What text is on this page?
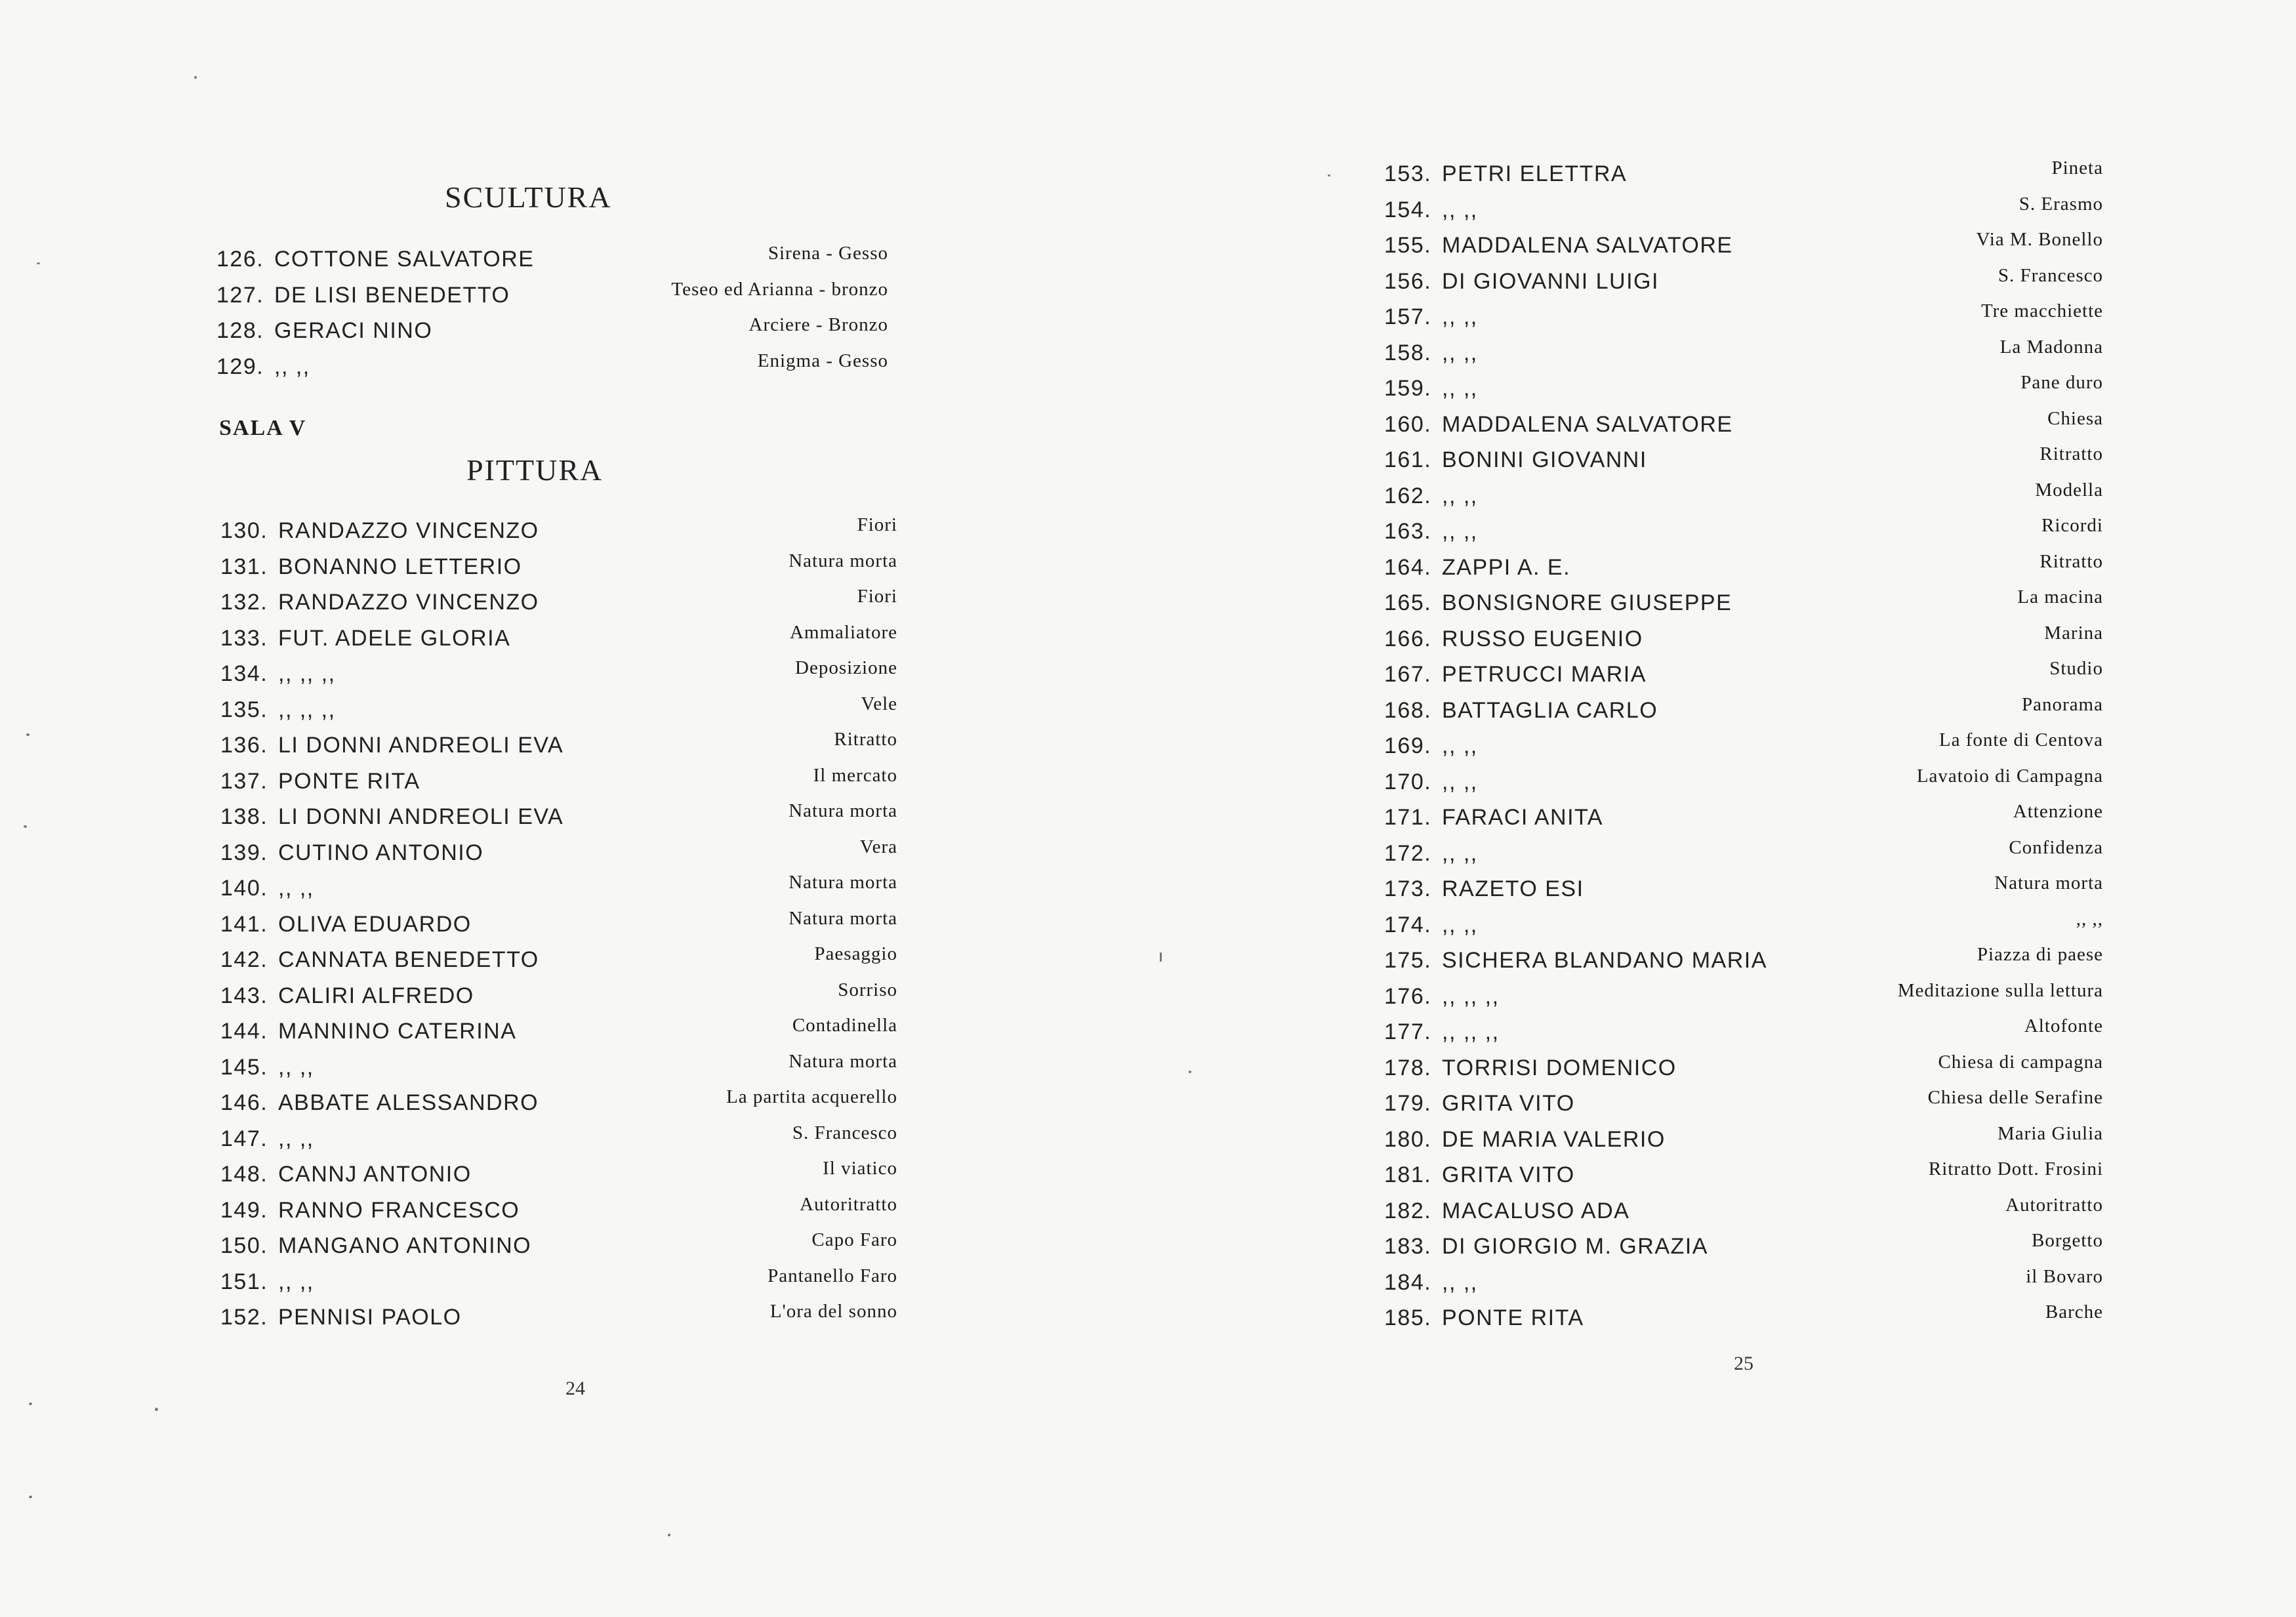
SCULTURA
126. COTTONE SALVATORE	Sirena - Gesso
127. DE LISI BENEDETTO	Teseo ed Arianna - bronzo
128. GERACI NINO	Arciere - Bronzo
129. ,, ,,	Enigma - Gesso
SALA V
PITTURA
130. RANDAZZO VINCENZO	Fiori
131. BONANNO LETTERIO	Natura morta
132. RANDAZZO VINCENZO	Fiori
133. FUT. ADELE GLORIA	Ammaliatore
134. ,, ,, ,,	Deposizione
135. ,, ,, ,,	Vele
136. LI DONNI ANDREOLI EVA	Ritratto
137. PONTE RITA	Il mercato
138. LI DONNI ANDREOLI EVA	Natura morta
139. CUTINO ANTONIO	Vera
140. ,, ,,	Natura morta
141. OLIVA EDUARDO	Natura morta
142. CANNATA BENEDETTO	Paesaggio
143. CALIRI ALFREDO	Sorriso
144. MANNINO CATERINA	Contadinella
145. ,, ,,	Natura morta
146. ABBATE ALESSANDRO	La partita acquerello
147. ,, ,,	S. Francesco
148. CANNJ ANTONIO	Il viatico
149. RANNO FRANCESCO	Autoritratto
150. MANGANO ANTONINO	Capo Faro
151. ,, ,,	Pantanello Faro
152. PENNISI PAOLO	L'ora del sonno
24
153. PETRI ELETTRA	Pineta
154. ,, ,,	S. Erasmo
155. MADDALENA SALVATORE	Via M. Bonello
156. DI GIOVANNI LUIGI	S. Francesco
157. ,, ,,	Tre macchiette
158. ,, ,,	La Madonna
159. ,, ,,	Pane duro
160. MADDALENA SALVATORE	Chiesa
161. BONINI GIOVANNI	Ritratto
162. ,, ,,	Modella
163. ,, ,,	Ricordi
164. ZAPPI A. E.	Ritratto
165. BONSIGNORE GIUSEPPE	La macina
166. RUSSO EUGENIO	Marina
167. PETRUCCI MARIA	Studio
168. BATTAGLIA CARLO	Panorama
169. ,, ,,	La fonte di Centova
170. ,, ,,	Lavatoio di Campagna
171. FARACI ANITA	Attenzione
172. ,, ,,	Confidenza
173. RAZETO ESI	Natura morta
174. ,, ,,	,, ,,
175. SICHERA BLANDANO MARIA	Piazza di paese
176. ,, ,, ,,	Meditazione sulla lettura
177. ,, ,, ,,	Altofonte
178. TORRISI DOMENICO	Chiesa di campagna
179. GRITA VITO	Chiesa delle Serafine
180. DE MARIA VALERIO	Maria Giulia
181. GRITA VITO	Ritratto Dott. Frosini
182. MACALUSO ADA	Autoritratto
183. DI GIORGIO M. GRAZIA	Borgetto
184. ,, ,,	il Bovaro
185. PONTE RITA	Barche
25
